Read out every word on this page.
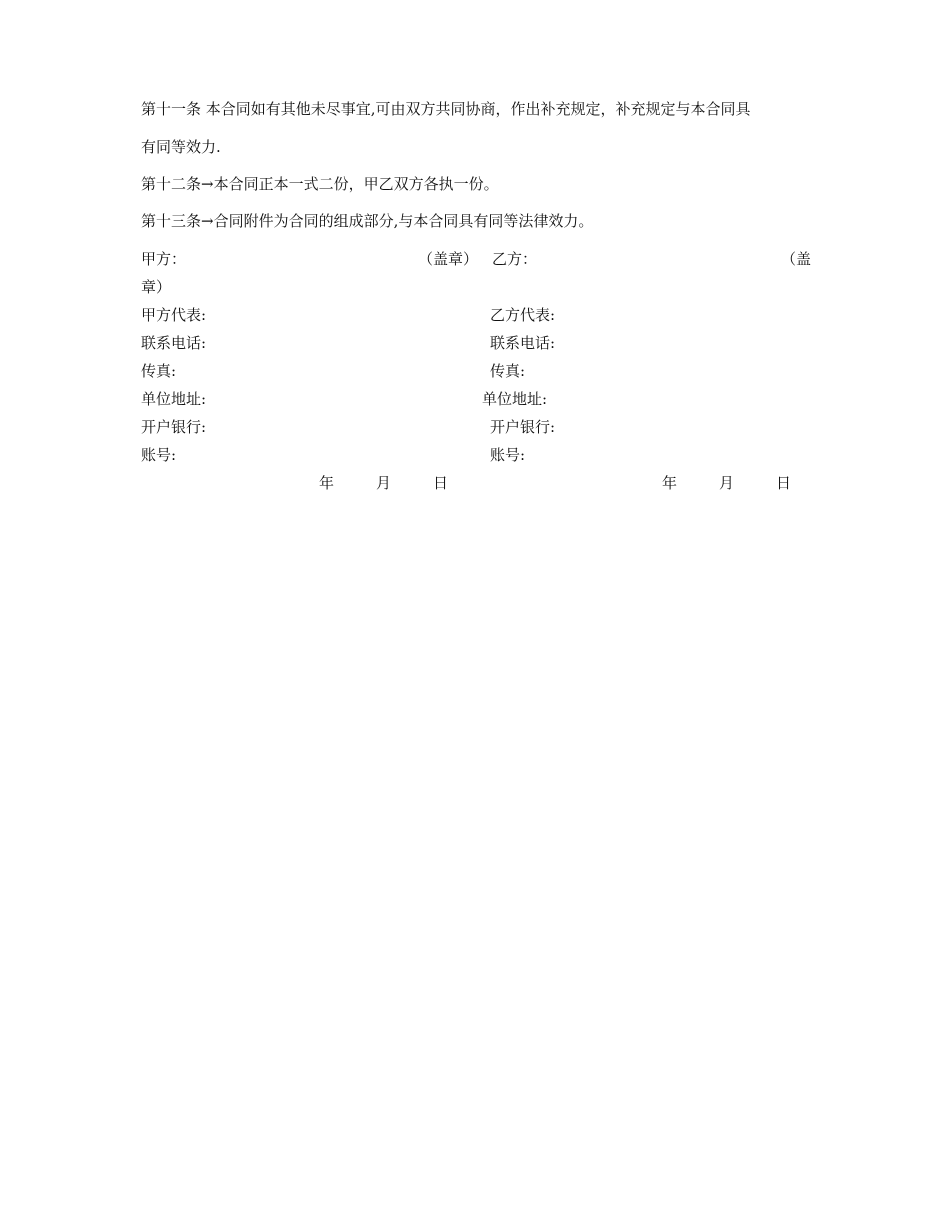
第十一条 本合同如有其他未尽事宜,可由双方共同协商，作出补充规定，补充规定与本合同具
有同等效力.
第十二条→本合同正本一式二份，甲乙双方各执一份。
第十三条→合同附件为合同的组成部分,与本合同具有同等法律效力。
甲方：	（盖章） 乙方：	（盖
章）
甲方代表:	乙方代表:
联系电话:	联系电话:
传真:	传真:
单位地址:	单位地址:
开户银行:	开户银行:
账号:	账号:
年	月	日	年	月	日
